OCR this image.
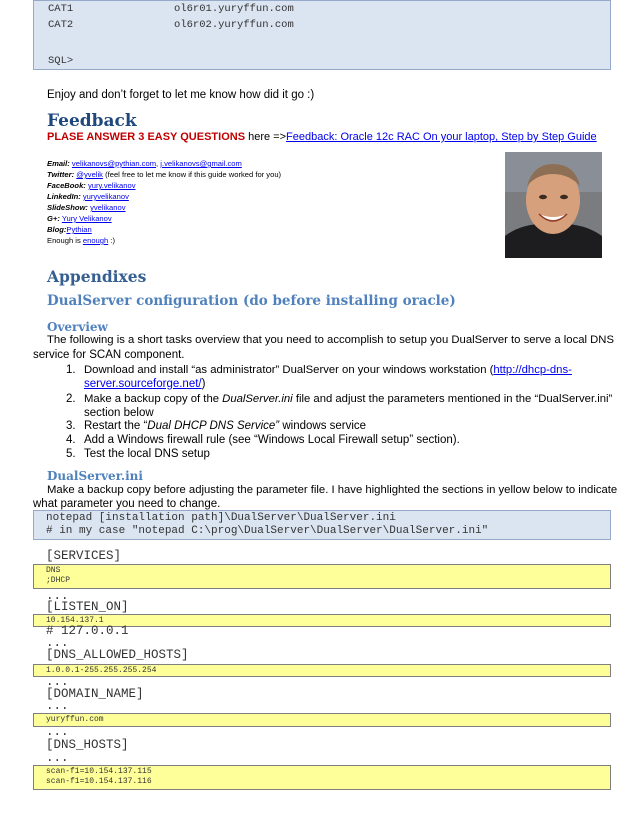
CAT1                ol6r01.yuryffun.com
CAT2                ol6r02.yuryffun.com
SQL>
Enjoy and don’t forget to let me know how did it go :)
Feedback
PLASE ANSWER 3 EASY QUESTIONS here =>Feedback: Oracle 12c RAC On your laptop, Step by Step Guide
Email: velikanovs@pythian.com, j.velikanovs@gmail.com
Twitter: @yvelik (feel free to let me know if this guide worked for you)
FaceBook: yury.velikanov
LinkedIn: yuryvelikanov
SlideShow: yvelikanov
G+: Yury Velikanov
Blog:Pythian
Enough is enough :)
Appendixes
DualServer configuration (do before installing oracle)
Overview
The following is a short tasks overview that you need to accomplish to setup you DualServer to serve a local DNS
service for SCAN component.
1. Download and install “as administrator” DualServer on your windows workstation (http://dhcp-dns-
server.sourceforge.net/)
2. Make a backup copy of the DualServer.ini file and adjust the parameters mentioned in the “DualServer.ini”
section below
3. Restart the “Dual DHCP DNS Service” windows service
4. Add a Windows firewall rule (see “Windows Local Firewall setup” section).
5. Test the local DNS setup
DualServer.ini
Make a backup copy before adjusting the parameter file. I have highlighted the sections in yellow below to indicate
what parameter you need to change.
notepad [installation path]\DualServer\DualServer.ini
# in my case "notepad C:\prog\DualServer\DualServer\DualServer.ini"
[SERVICES]
DNS
;DHCP
...
[LISTEN_ON]
10.154.137.1
# 127.0.0.1
...
[DNS_ALLOWED_HOSTS]
1.0.0.1-255.255.255.254
...
[DOMAIN_NAME]
...
yuryffun.com
...
[DNS_HOSTS]
...
scan-f1=10.154.137.115
scan-f1=10.154.137.116
